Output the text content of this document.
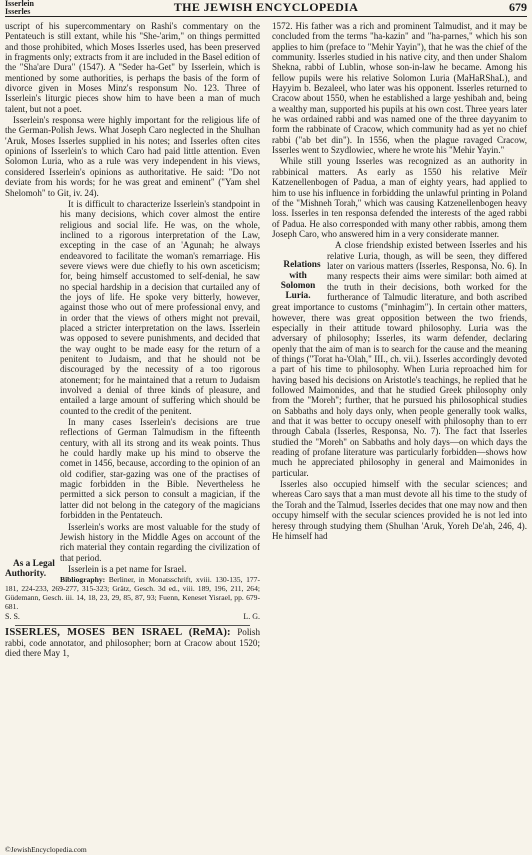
Isserlein
Isserles	THE JEWISH ENCYCLOPEDIA	679

uscript of his supercommentary on Rashi's commentary on the Pentateuch is still extant, while his "She-'arim," on things permitted and those prohibited, which Moses Isserles used, has been preserved in fragments only; extracts from it are included in the Basel edition of the "Sha'are Dura" (1547). A "Seder ha-Get" by Isserlein, which is mentioned by some authorities, is perhaps the basis of the form of divorce given in Moses Minz's responsum No. 123. Three of Isserlein's liturgic pieces show him to have been a man of much talent, but not a poet.

Isserlein's responsa were highly important for the religious life of the German-Polish Jews. What Joseph Caro neglected in the Shulhan 'Aruk, Moses Isserles supplied in his notes; and Isserles often cites opinions of Isserlein's to which Caro had paid little attention. Even Solomon Luria, who as a rule was very independent in his views, considered Isserlein's opinions as authoritative. He said: "Do not deviate from his words; for he was great and eminent" ("Yam shel Shelomoh" to Git, iv. 24).

As a Legal Authority.
It is difficult to characterize Isserlein's standpoint in his many decisions, which cover almost the entire religious and social life. He was, on the whole, inclined to a rigorous interpretation of the Law, excepting in the case of an 'Agunah; he always endeavored to facilitate the woman's remarriage. His severe views were due chiefly to his own asceticism; for, being himself accustomed to self-denial, he saw no special hardship in a decision that curtailed any of the joys of life. He spoke very bitterly, however, against those who out of mere professional envy, and in order that the views of others might not prevail, placed a stricter interpretation on the laws. Isserlein was opposed to severe punishments, and decided that the way ought to be made easy for the return of a penitent to Judaism, and that he should not be discouraged by the necessity of a too rigorous atonement; for he maintained that a return to Judaism involved a denial of three kinds of pleasure, and entailed a large amount of suffering which should be counted to the credit of the penitent.

In many cases Isserlein's decisions are true reflections of German Talmudism in the fifteenth century, with all its strong and its weak points. Thus he could hardly make up his mind to observe the comet in 1456, because, according to the opinion of an old codifier, star-gazing was one of the practises of magic forbidden in the Bible. Nevertheless he permitted a sick person to consult a magician, if the latter did not belong in the category of the magicians forbidden in the Pentateuch.

Isserlein's works are most valuable for the study of Jewish history in the Middle Ages on account of the rich material they contain regarding the civilization of that period.

Isserlein is a pet name for Israel.

Bibliography: Berliner, in Monatsschrift, xviii. 130-135, 177-181, 224-233, 269-277, 315-323; Grätz, Gesch. 3d ed., viii. 189, 196, 211, 264; Güdemann, Gesch. iii. 14, 18, 23, 29, 85, 87, 93; Fuenn, Keneset Yisrael, pp. 679-681.

S. S.	L. G.

ISSERLES, MOSES BEN ISRAEL (ReMA): Polish rabbi, code annotator, and philosopher; born at Cracow about 1520; died there May 1,

1572. His father was a rich and prominent Talmudist, and it may be concluded from the terms "ha-kazin" and "ha-parnes," which his son applies to him (preface to "Mehir Yayin"), that he was the chief of the community. Isserles studied in his native city, and then under Shalom Shekna, rabbi of Lublin, whose son-in-law he became. Among his fellow pupils were his relative Solomon Luria (MaHaRShaL), and Hayyim b. Bezaleel, who later was his opponent. Isserles returned to Cracow about 1550, when he established a large yeshibah and, being a wealthy man, supported his pupils at his own cost. Three years later he was ordained rabbi and was named one of the three dayyanim to form the rabbinate of Cracow, which community had as yet no chief rabbi ("ab bet din"). In 1556, when the plague ravaged Cracow, Isserles went to Szydlowiec, where he wrote his "Mehir Yayin."

While still young Isserles was recognized as an authority in rabbinical matters. As early as 1550 his relative Meïr Katzenellenbogen of Padua, a man of eighty years, had applied to him to use his influence in forbidding the unlawful printing in Poland of the "Mishneh Torah," which was causing Katzenellenbogen heavy loss. Isserles in ten responsa defended the interests of the aged rabbi of Padua. He also corresponded with many other rabbis, among them Joseph Caro, who answered him in a very considerate manner.

Relations with Solomon Luria.
A close friendship existed between Isserles and his relative Luria, though, as will be seen, they differed later on various matters (Isserles, Responsa, No. 6). In many respects their aims were similar: both aimed at the truth in their decisions, both worked for the furtherance of Talmudic literature, and both ascribed great importance to customs ("minhagim"). In certain other matters, however, there was great opposition between the two friends, especially in their attitude toward philosophy. Luria was the adversary of philosophy; Isserles, its warm defender, declaring openly that the aim of man is to search for the cause and the meaning of things ("Torat ha-'Olah," III., ch. vii.). Isserles accordingly devoted a part of his time to philosophy. When Luria reproached him for having based his decisions on Aristotle's teachings, he replied that he followed Maimonides, and that he studied Greek philosophy only from the "Moreh"; further, that he pursued his philosophical studies on Sabbaths and holy days only, when people generally took walks, and that it was better to occupy oneself with philosophy than to err through Cabala (Isserles, Responsa, No. 7). The fact that Isserles studied the "Moreh" on Sabbaths and holy days—on which days the reading of profane literature was particularly forbidden—shows how much he appreciated philosophy in general and Maimonides in particular.

Isserles also occupied himself with the secular sciences; and whereas Caro says that a man must devote all his time to the study of the Torah and the Talmud, Isserles decides that one may now and then occupy himself with the secular sciences provided he is not led into heresy through studying them (Shulhan 'Aruk, Yoreh De'ah, 246, 4). He himself had

©JewishEncyclopedia.com
